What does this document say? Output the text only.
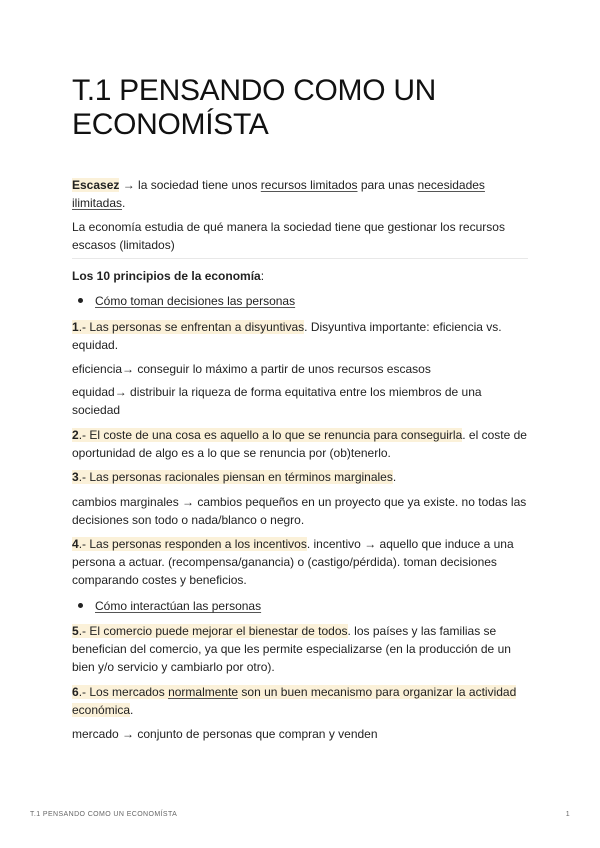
T.1 PENSANDO COMO UN ECONOMÍSTA

Escasez → la sociedad tiene unos recursos limitados para unas necesidades ilimitadas.

La economía estudia de qué manera la sociedad tiene que gestionar los recursos escasos (limitados)

Los 10 principios de la economía:

Cómo toman decisiones las personas

1.- Las personas se enfrentan a disyuntivas. Disyuntiva importante: eficiencia vs. equidad.

eficiencia→ conseguir lo máximo a partir de unos recursos escasos

equidad→ distribuir la riqueza de forma equitativa entre los miembros de una sociedad

2.- El coste de una cosa es aquello a lo que se renuncia para conseguirla. el coste de oportunidad de algo es a lo que se renuncia por (ob)tenerlo.

3.- Las personas racionales piensan en términos marginales.

cambios marginales → cambios pequeños en un proyecto que ya existe. no todas las decisiones son todo o nada/blanco o negro.

4.- Las personas responden a los incentivos. incentivo → aquello que induce a una persona a actuar. (recompensa/ganancia) o (castigo/pérdida). toman decisiones comparando costes y beneficios.

Cómo interactúan las personas

5.- El comercio puede mejorar el bienestar de todos. los países y las familias se benefician del comercio, ya que les permite especializarse (en la producción de un bien y/o servicio y cambiarlo por otro).

6.- Los mercados normalmente son un buen mecanismo para organizar la actividad económica.

mercado → conjunto de personas que compran y venden

T.1 PENSANDO COMO UN ECONOMÍSTA	1
